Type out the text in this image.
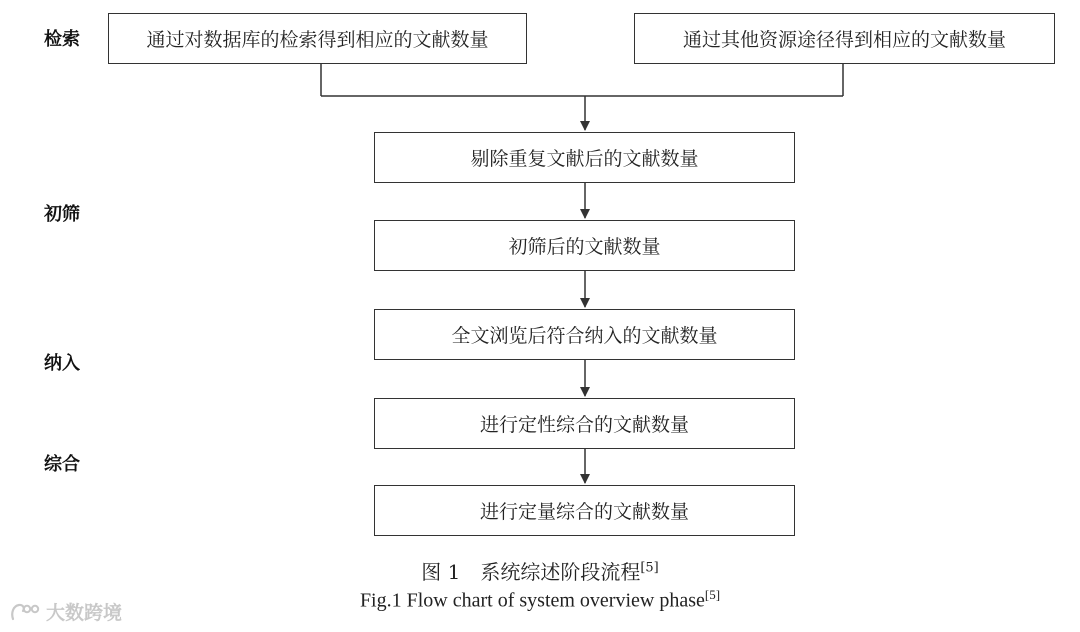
检索
初筛
纳入
综合
通过对数据库的检索得到相应的文献数量	通过其他资源途径得到相应的文献数量
剔除重复文献后的文献数量
初筛后的文献数量
全文浏览后符合纳入的文献数量
进行定性综合的文献数量
进行定量综合的文献数量
图 1 系统综述阶段流程[5]
Fig.1 Flow chart of system overview phase[5]
大数跨境
